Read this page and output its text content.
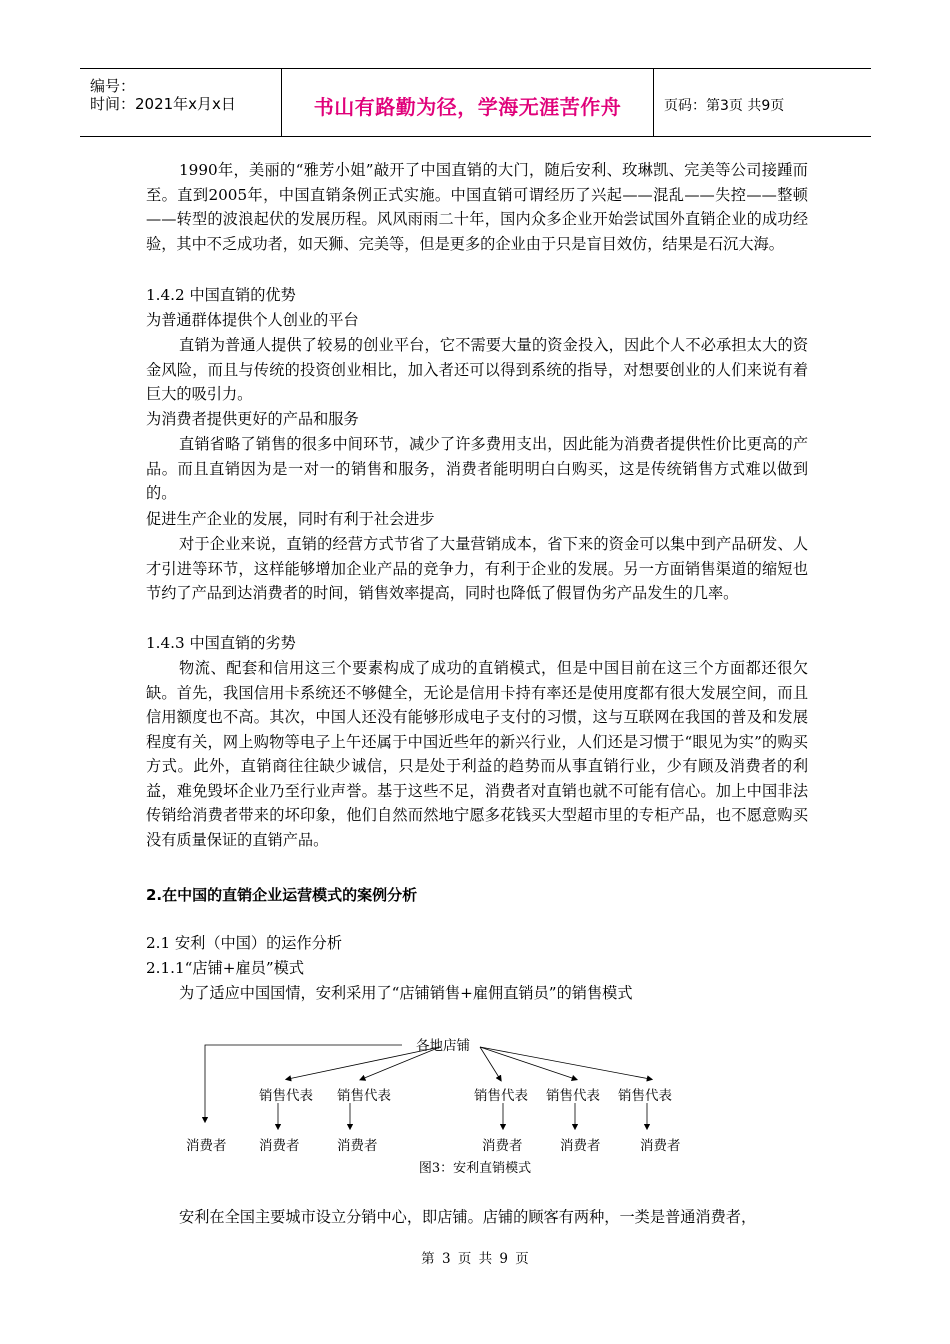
编号：
时间：2021年x月x日	书山有路勤为径，学海无涯苦作舟	页码：第3页 共9页

1990年，美丽的“雅芳小姐”敲开了中国直销的大门，随后安利、玫琳凯、完美等公司接踵而至。直到2005年，中国直销条例正式实施。中国直销可谓经历了兴起——混乱——失控——整顿——转型的波浪起伏的发展历程。风风雨雨二十年，国内众多企业开始尝试国外直销企业的成功经验，其中不乏成功者，如天狮、完美等，但是更多的企业由于只是盲目效仿，结果是石沉大海。

1.4.2 中国直销的优势

为普通群体提供个人创业的平台

直销为普通人提供了较易的创业平台，它不需要大量的资金投入，因此个人不必承担太大的资金风险，而且与传统的投资创业相比，加入者还可以得到系统的指导，对想要创业的人们来说有着巨大的吸引力。

为消费者提供更好的产品和服务

直销省略了销售的很多中间环节，减少了许多费用支出，因此能为消费者提供性价比更高的产品。而且直销因为是一对一的销售和服务，消费者能明明白白购买，这是传统销售方式难以做到的。

促进生产企业的发展，同时有利于社会进步

对于企业来说，直销的经营方式节省了大量营销成本，省下来的资金可以集中到产品研发、人才引进等环节，这样能够增加企业产品的竞争力，有利于企业的发展。另一方面销售渠道的缩短也节约了产品到达消费者的时间，销售效率提高，同时也降低了假冒伪劣产品发生的几率。

1.4.3 中国直销的劣势

物流、配套和信用这三个要素构成了成功的直销模式，但是中国目前在这三个方面都还很欠缺。首先，我国信用卡系统还不够健全，无论是信用卡持有率还是使用度都有很大发展空间，而且信用额度也不高。其次，中国人还没有能够形成电子支付的习惯，这与互联网在我国的普及和发展程度有关，网上购物等电子上午还属于中国近些年的新兴行业，人们还是习惯于“眼见为实”的购买方式。此外，直销商往往缺少诚信，只是处于利益的趋势而从事直销行业，少有顾及消费者的利益，难免毁坏企业乃至行业声誉。基于这些不足，消费者对直销也就不可能有信心。加上中国非法传销给消费者带来的坏印象，他们自然而然地宁愿多花钱买大型超市里的专柜产品，也不愿意购买没有质量保证的直销产品。

2.在中国的直销企业运营模式的案例分析

2.1 安利（中国）的运作分析

2.1.1“店铺+雇员”模式

为了适应中国国情，安利采用了“店铺销售+雇佣直销员”的销售模式

各地店铺
销售代表 销售代表	销售代表 销售代表 销售代表
消费者 消费者	消费者	消费者	消费者	消费者
图3：安利直销模式

安利在全国主要城市设立分销中心，即店铺。店铺的顾客有两种，一类是普通消费者，

第 3 页 共 9 页
